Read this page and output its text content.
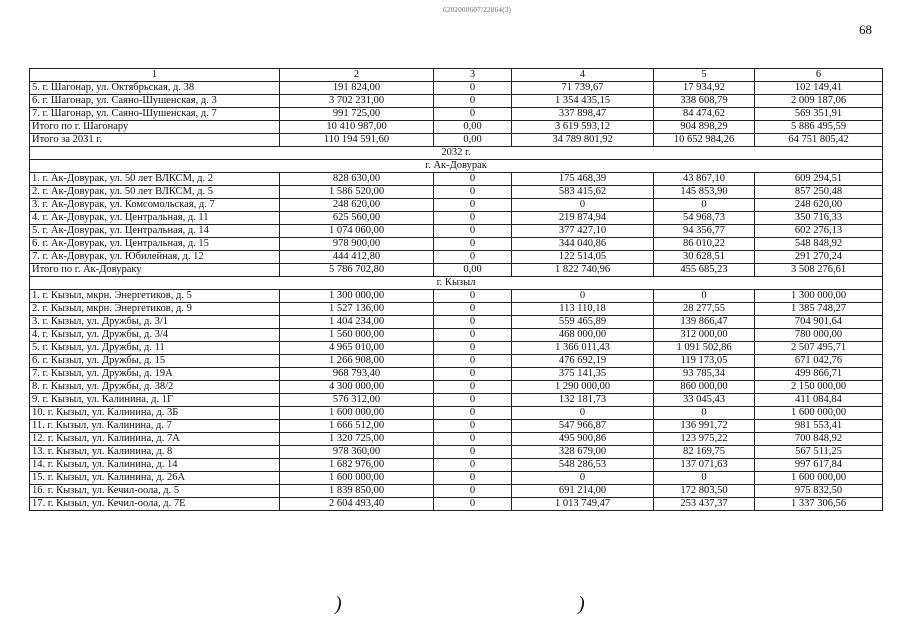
6202000607/22864(3)
68
1	2	3	4	5	6
5. г. Шагонар, ул. Октябрьская, д. 38	191 824,00	0	71 739,67	17 934,92	102 149,41
6. г. Шагонар, ул. Саяно-Шушенская, д. 3	3 702 231,00	0	1 354 435,15	338 608,79	2 009 187,06
7. г. Шагонар, ул. Саяно-Шушенская, д. 7	991 725,00	0	337 898,47	84 474,62	569 351,91
Итого по г. Шагонару	10 410 987,00	0,00	3 619 593,12	904 898,29	5 886 495,59
Итого за 2031 г.	110 194 591,60	0,00	34 789 801,92	10 652 984,26	64 751 805,42
2032 г.					
г. Ак-Довурак					
1. г. Ак-Довурак, ул. 50 лет ВЛКСМ, д. 2	828 630,00	0	175 468,39	43 867,10	609 294,51
2. г. Ак-Довурак, ул. 50 лет ВЛКСМ, д. 5	1 586 520,00	0	583 415,62	145 853,90	857 250,48
3. г. Ак-Довурак, ул. Комсомольская, д. 7	248 620,00	0	0	0	248 620,00
4. г. Ак-Довурак, ул. Центральная, д. 11	625 560,00	0	219 874,94	54 968,73	350 716,33
5. г. Ак-Довурак, ул. Центральная, д. 14	1 074 060,00	0	377 427,10	94 356,77	602 276,13
6. г. Ак-Довурак, ул. Центральная, д. 15	978 900,00	0	344 040,86	86 010,22	548 848,92
7. г. Ак-Довурак, ул. Юбилейная, д. 12	444 412,80	0	122 514,05	30 628,51	291 270,24
Итого по г. Ак-Довураку	5 786 702,80	0,00	1 822 740,96	455 685,23	3 508 276,61
г. Кызыл					
1. г. Кызыл, мкрн. Энергетиков, д. 5	1 300 000,00	0	0	0	1 300 000,00
2. г. Кызыл, мкрн. Энергетиков, д. 9	1 527 136,00	0	113 110,18	28 277,55	1 385 748,27
3. г. Кызыл, ул. Дружбы, д. 3/1	1 404 234,00	0	559 465,89	139 866,47	704 901,64
4. г. Кызыл, ул. Дружбы, д. 3/4	1 560 000,00	0	468 000,00	312 000,00	780 000,00
5. г. Кызыл, ул. Дружбы, д. 11	4 965 010,00	0	1 366 011,43	1 091 502,86	2 507 495,71
6. г. Кызыл, ул. Дружбы, д. 15	1 266 908,00	0	476 692,19	119 173,05	671 042,76
7. г. Кызыл, ул. Дружбы, д. 19А	968 793,40	0	375 141,35	93 785,34	499 866,71
8. г. Кызыл, ул. Дружбы, д. 38/2	4 300 000,00	0	1 290 000,00	860 000,00	2 150 000,00
9. г. Кызыл, ул. Калинина, д. 1Г	576 312,00	0	132 181,73	33 045,43	411 084,84
10. г. Кызыл, ул. Калинина, д. 3Б	1 600 000,00	0	0	0	1 600 000,00
11. г. Кызыл, ул. Калинина, д. 7	1 666 512,00	0	547 966,87	136 991,72	981 553,41
12. г. Кызыл, ул. Калинина, д. 7А	1 320 725,00	0	495 900,86	123 975,22	700 848,92
13. г. Кызыл, ул. Калинина, д. 8	978 360,00	0	328 679,00	82 169,75	567 511,25
14. г. Кызыл, ул. Калинина, д. 14	1 682 976,00	0	548 286,53	137 071,63	997 617,84
15. г. Кызыл, ул. Калинина, д. 26А	1 600 000,00	0	0	0	1 600 000,00
16. г. Кызыл, ул. Кечил-оола, д. 5	1 839 850,00	0	691 214,00	172 803,50	975 832,50
17. г. Кызыл, ул. Кечил-оола, д. 7Е	2 604 493,40	0	1 013 749,47	253 437,37	1 337 306,56
)	)
